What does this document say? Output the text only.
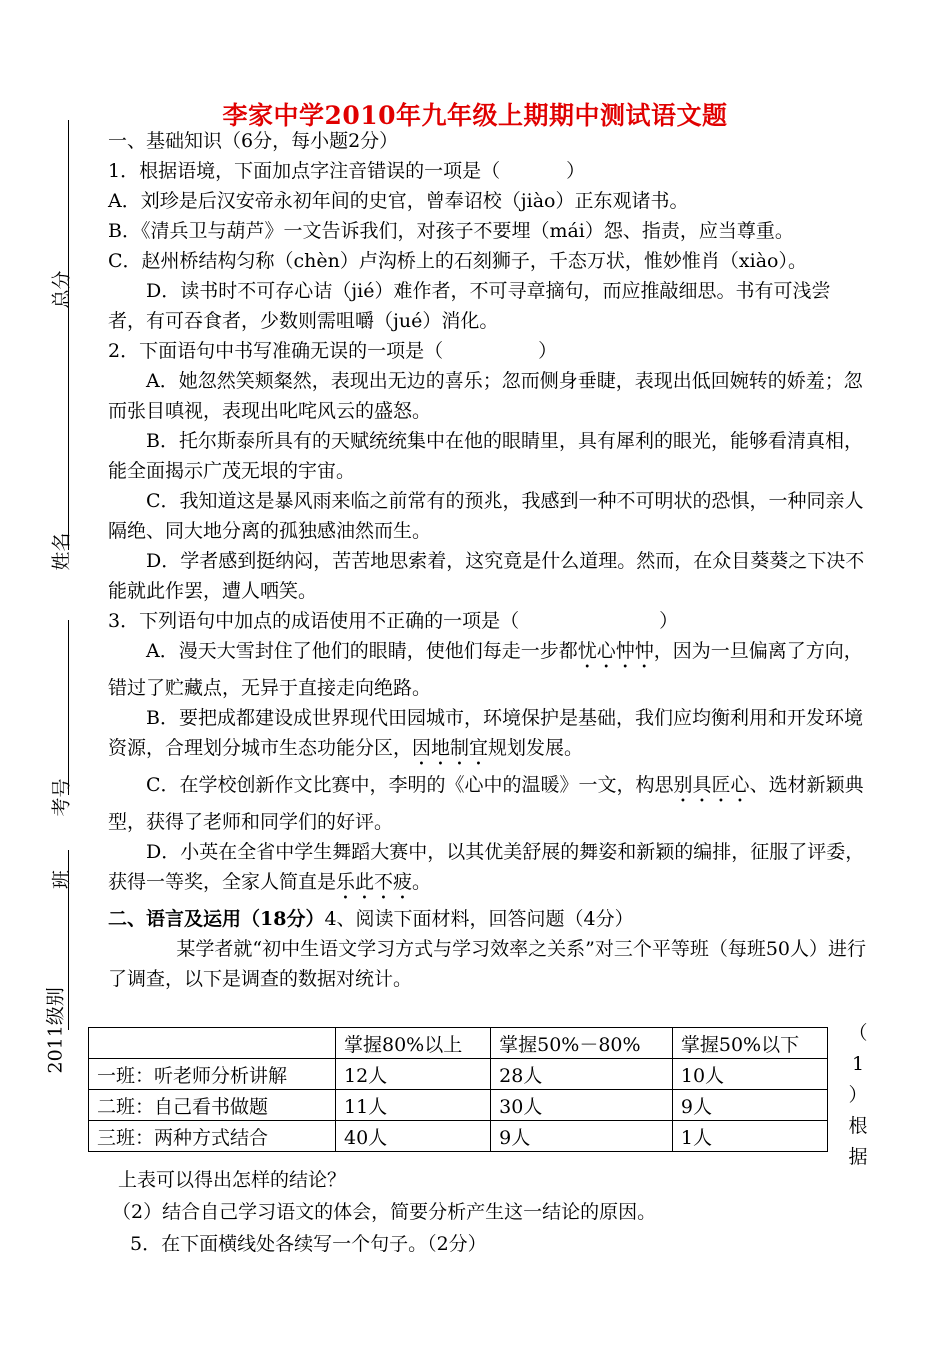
总分
姓名
考号
班
2011级别
李家中学2010年九年级上期期中测试语文题

一、基础知识（6分，每小题2分）

1．根据语境，下面加点字注音错误的一项是（	）

A．刘珍是后汉安帝永初年间的史官，曾奉诏校（jiào）正东观诸书。

B．《清兵卫与葫芦》一文告诉我们，对孩子不要埋（mái）怨、指责，应当尊重。

C．赵州桥结构匀称（chèn）卢沟桥上的石刻狮子，千态万状，惟妙惟肖（xiào）。

D．读书时不可存心诘（jié）难作者，不可寻章摘句，而应推敲细思。书有可浅尝者，有可吞食者，少数则需咀嚼（jué）消化。

2．下面语句中书写准确无误的一项是（	）

A．她忽然笑颊粲然，表现出无边的喜乐；忽而侧身垂睫，表现出低回婉转的娇羞；忽而张目嗔视，表现出叱咤风云的盛怒。

B．托尔斯泰所具有的天赋统统集中在他的眼睛里，具有犀利的眼光，能够看清真相，能全面揭示广茂无垠的宇宙。

C．我知道这是暴风雨来临之前常有的预兆，我感到一种不可明状的恐惧，一种同亲人隔绝、同大地分离的孤独感油然而生。

D．学者感到挺纳闷，苦苦地思索着，这究竟是什么道理。然而，在众目葵葵之下决不能就此作罢，遭人哂笑。

3．下列语句中加点的成语使用不正确的一项是（	）

A．漫天大雪封住了他们的眼睛，使他们每走一步都忧心忡忡，因为一旦偏离了方向，错过了贮藏点，无异于直接走向绝路。

B．要把成都建设成世界现代田园城市，环境保护是基础，我们应均衡利用和开发环境资源，合理划分城市生态功能分区，因地制宜规划发展。

C．在学校创新作文比赛中，李明的《心中的温暖》一文，构思别具匠心、选材新颖典型，获得了老师和同学们的好评。

D．小英在全省中学生舞蹈大赛中，以其优美舒展的舞姿和新颖的编排，征服了评委，获得一等奖，全家人简直是乐此不疲。

二、语言及运用（18分）4、阅读下面材料，回答问题（4分）

某学者就“初中生语文学习方式与学习效率之关系”对三个平等班（每班50人）进行了调查，以下是调查的数据对统计。

	掌握80%以上	掌握50%－80%	掌握50%以下
一班：听老师分析讲解	12人	28人	10人
二班：自己看书做题	11人	30人	9人
三班：两种方式结合	40人	9人	1人
（
1
）
根
据

上表可以得出怎样的结论？

（2）结合自己学习语文的体会，简要分析产生这一结论的原因。

5．在下面横线处各续写一个句子。（2分）
